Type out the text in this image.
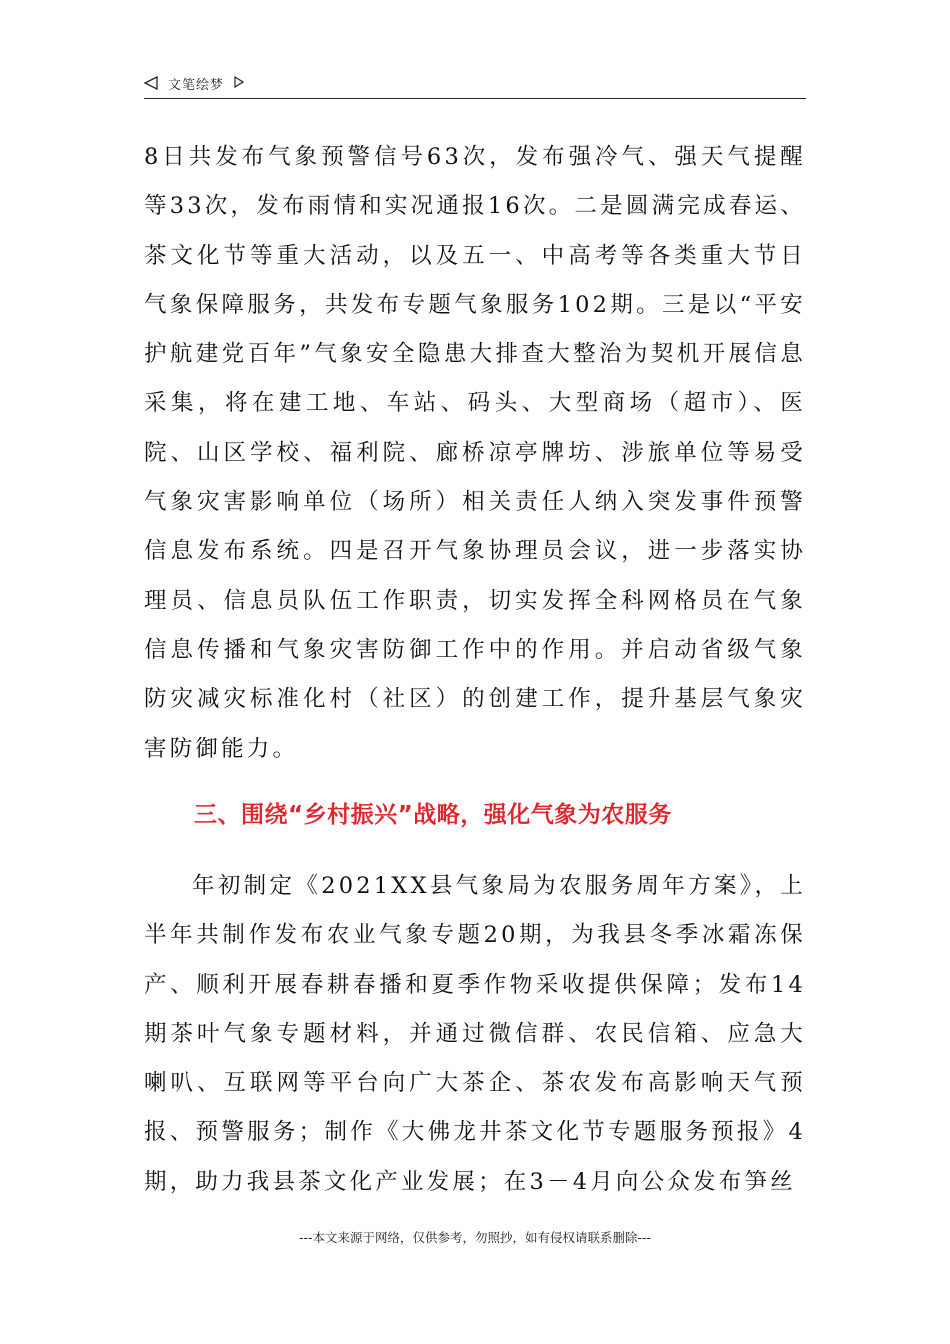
文笔绘梦

8日共发布气象预警信号63次，发布强冷气、强天气提醒等33次，发布雨情和实况通报16次。二是圆满完成春运、茶文化节等重大活动，以及五一、中高考等各类重大节日气象保障服务，共发布专题气象服务102期。三是以“平安护航建党百年”气象安全隐患大排查大整治为契机开展信息采集，将在建工地、车站、码头、大型商场（超市）、医院、山区学校、福利院、廊桥凉亭牌坊、涉旅单位等易受气象灾害影响单位（场所）相关责任人纳入突发事件预警信息发布系统。四是召开气象协理员会议，进一步落实协理员、信息员队伍工作职责，切实发挥全科网格员在气象信息传播和气象灾害防御工作中的作用。并启动省级气象防灾减灾标准化村（社区）的创建工作，提升基层气象灾害防御能力。

三、围绕“乡村振兴”战略，强化气象为农服务

年初制定《2021XX县气象局为农服务周年方案》，上半年共制作发布农业气象专题20期，为我县冬季冰霜冻保产、顺利开展春耕春播和夏季作物采收提供保障；发布14期茶叶气象专题材料，并通过微信群、农民信箱、应急大喇叭、互联网等平台向广大茶企、茶农发布高影响天气预报、预警服务；制作《大佛龙井茶文化节专题服务预报》4期，助力我县茶文化产业发展；在3－4月向公众发布笋丝

---本文来源于网络，仅供参考，勿照抄，如有侵权请联系删除---
